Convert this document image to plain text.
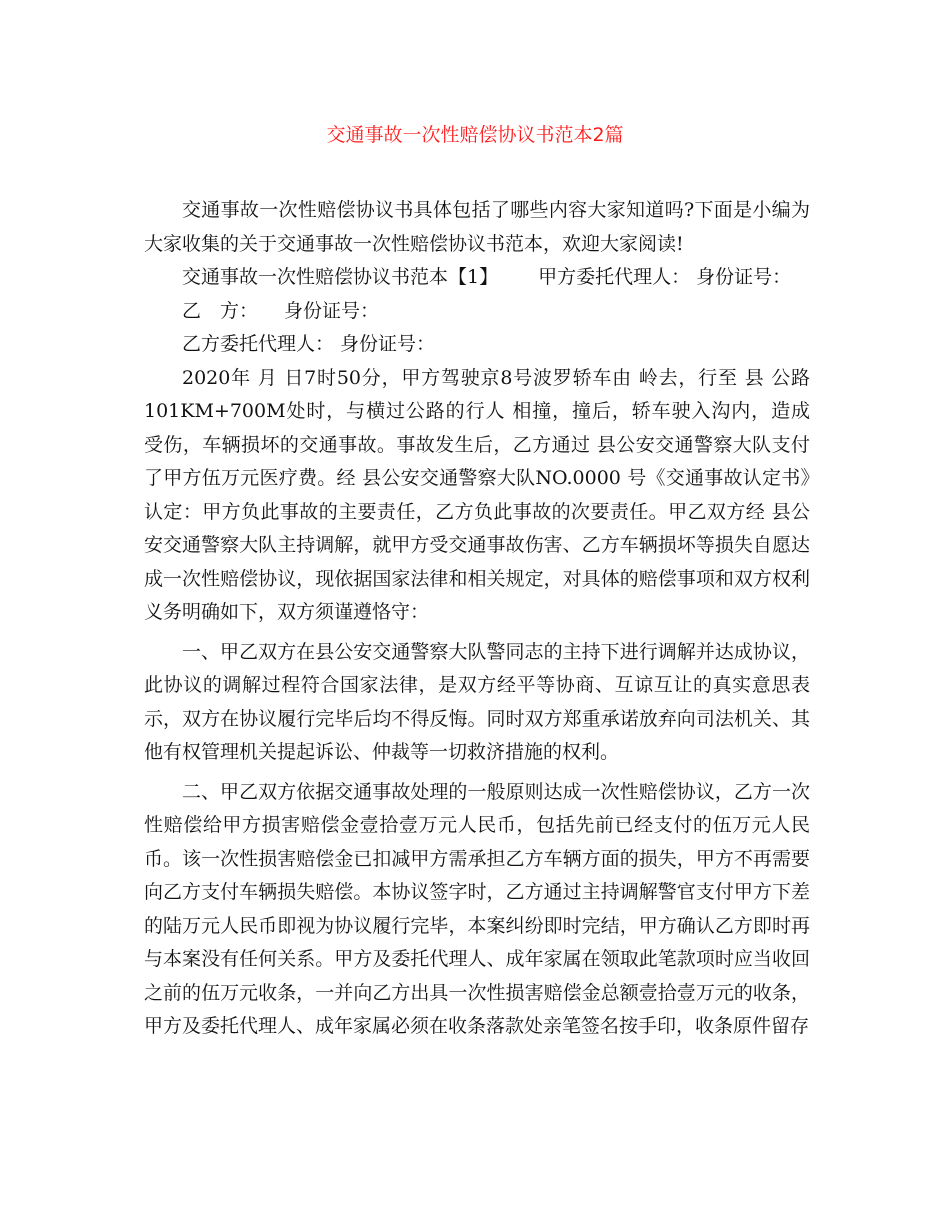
交通事故一次性赔偿协议书范本2篇

交通事故一次性赔偿协议书具体包括了哪些内容大家知道吗?下面是小编为大家收集的关于交通事故一次性赔偿协议书范本，欢迎大家阅读!

交通事故一次性赔偿协议书范本【1】 甲方委托代理人： 身份证号：

乙　方： 身份证号：

乙方委托代理人： 身份证号：

2020年 月 日7时50分，甲方驾驶京8号波罗轿车由 岭去，行至 县 公路101KM+700M处时，与横过公路的行人 相撞，撞后，轿车驶入沟内，造成 受伤，车辆损坏的交通事故。事故发生后，乙方通过 县公安交通警察大队支付了甲方伍万元医疗费。经 县公安交通警察大队NO.0000 号《交通事故认定书》认定：甲方负此事故的主要责任，乙方负此事故的次要责任。甲乙双方经 县公安交通警察大队主持调解，就甲方受交通事故伤害、乙方车辆损坏等损失自愿达成一次性赔偿协议，现依据国家法律和相关规定，对具体的赔偿事项和双方权利义务明确如下，双方须谨遵恪守：

一、甲乙双方在县公安交通警察大队警同志的主持下进行调解并达成协议，此协议的调解过程符合国家法律，是双方经平等协商、互谅互让的真实意思表示，双方在协议履行完毕后均不得反悔。同时双方郑重承诺放弃向司法机关、其他有权管理机关提起诉讼、仲裁等一切救济措施的权利。

二、甲乙双方依据交通事故处理的一般原则达成一次性赔偿协议，乙方一次性赔偿给甲方损害赔偿金壹拾壹万元人民币，包括先前已经支付的伍万元人民币。该一次性损害赔偿金已扣减甲方需承担乙方车辆方面的损失，甲方不再需要向乙方支付车辆损失赔偿。本协议签字时，乙方通过主持调解警官支付甲方下差的陆万元人民币即视为协议履行完毕，本案纠纷即时完结，甲方确认乙方即时再与本案没有任何关系。甲方及委托代理人、成年家属在领取此笔款项时应当收回之前的伍万元收条，一并向乙方出具一次性损害赔偿金总额壹拾壹万元的收条，甲方及委托代理人、成年家属必须在收条落款处亲笔签名按手印，收条原件留存
